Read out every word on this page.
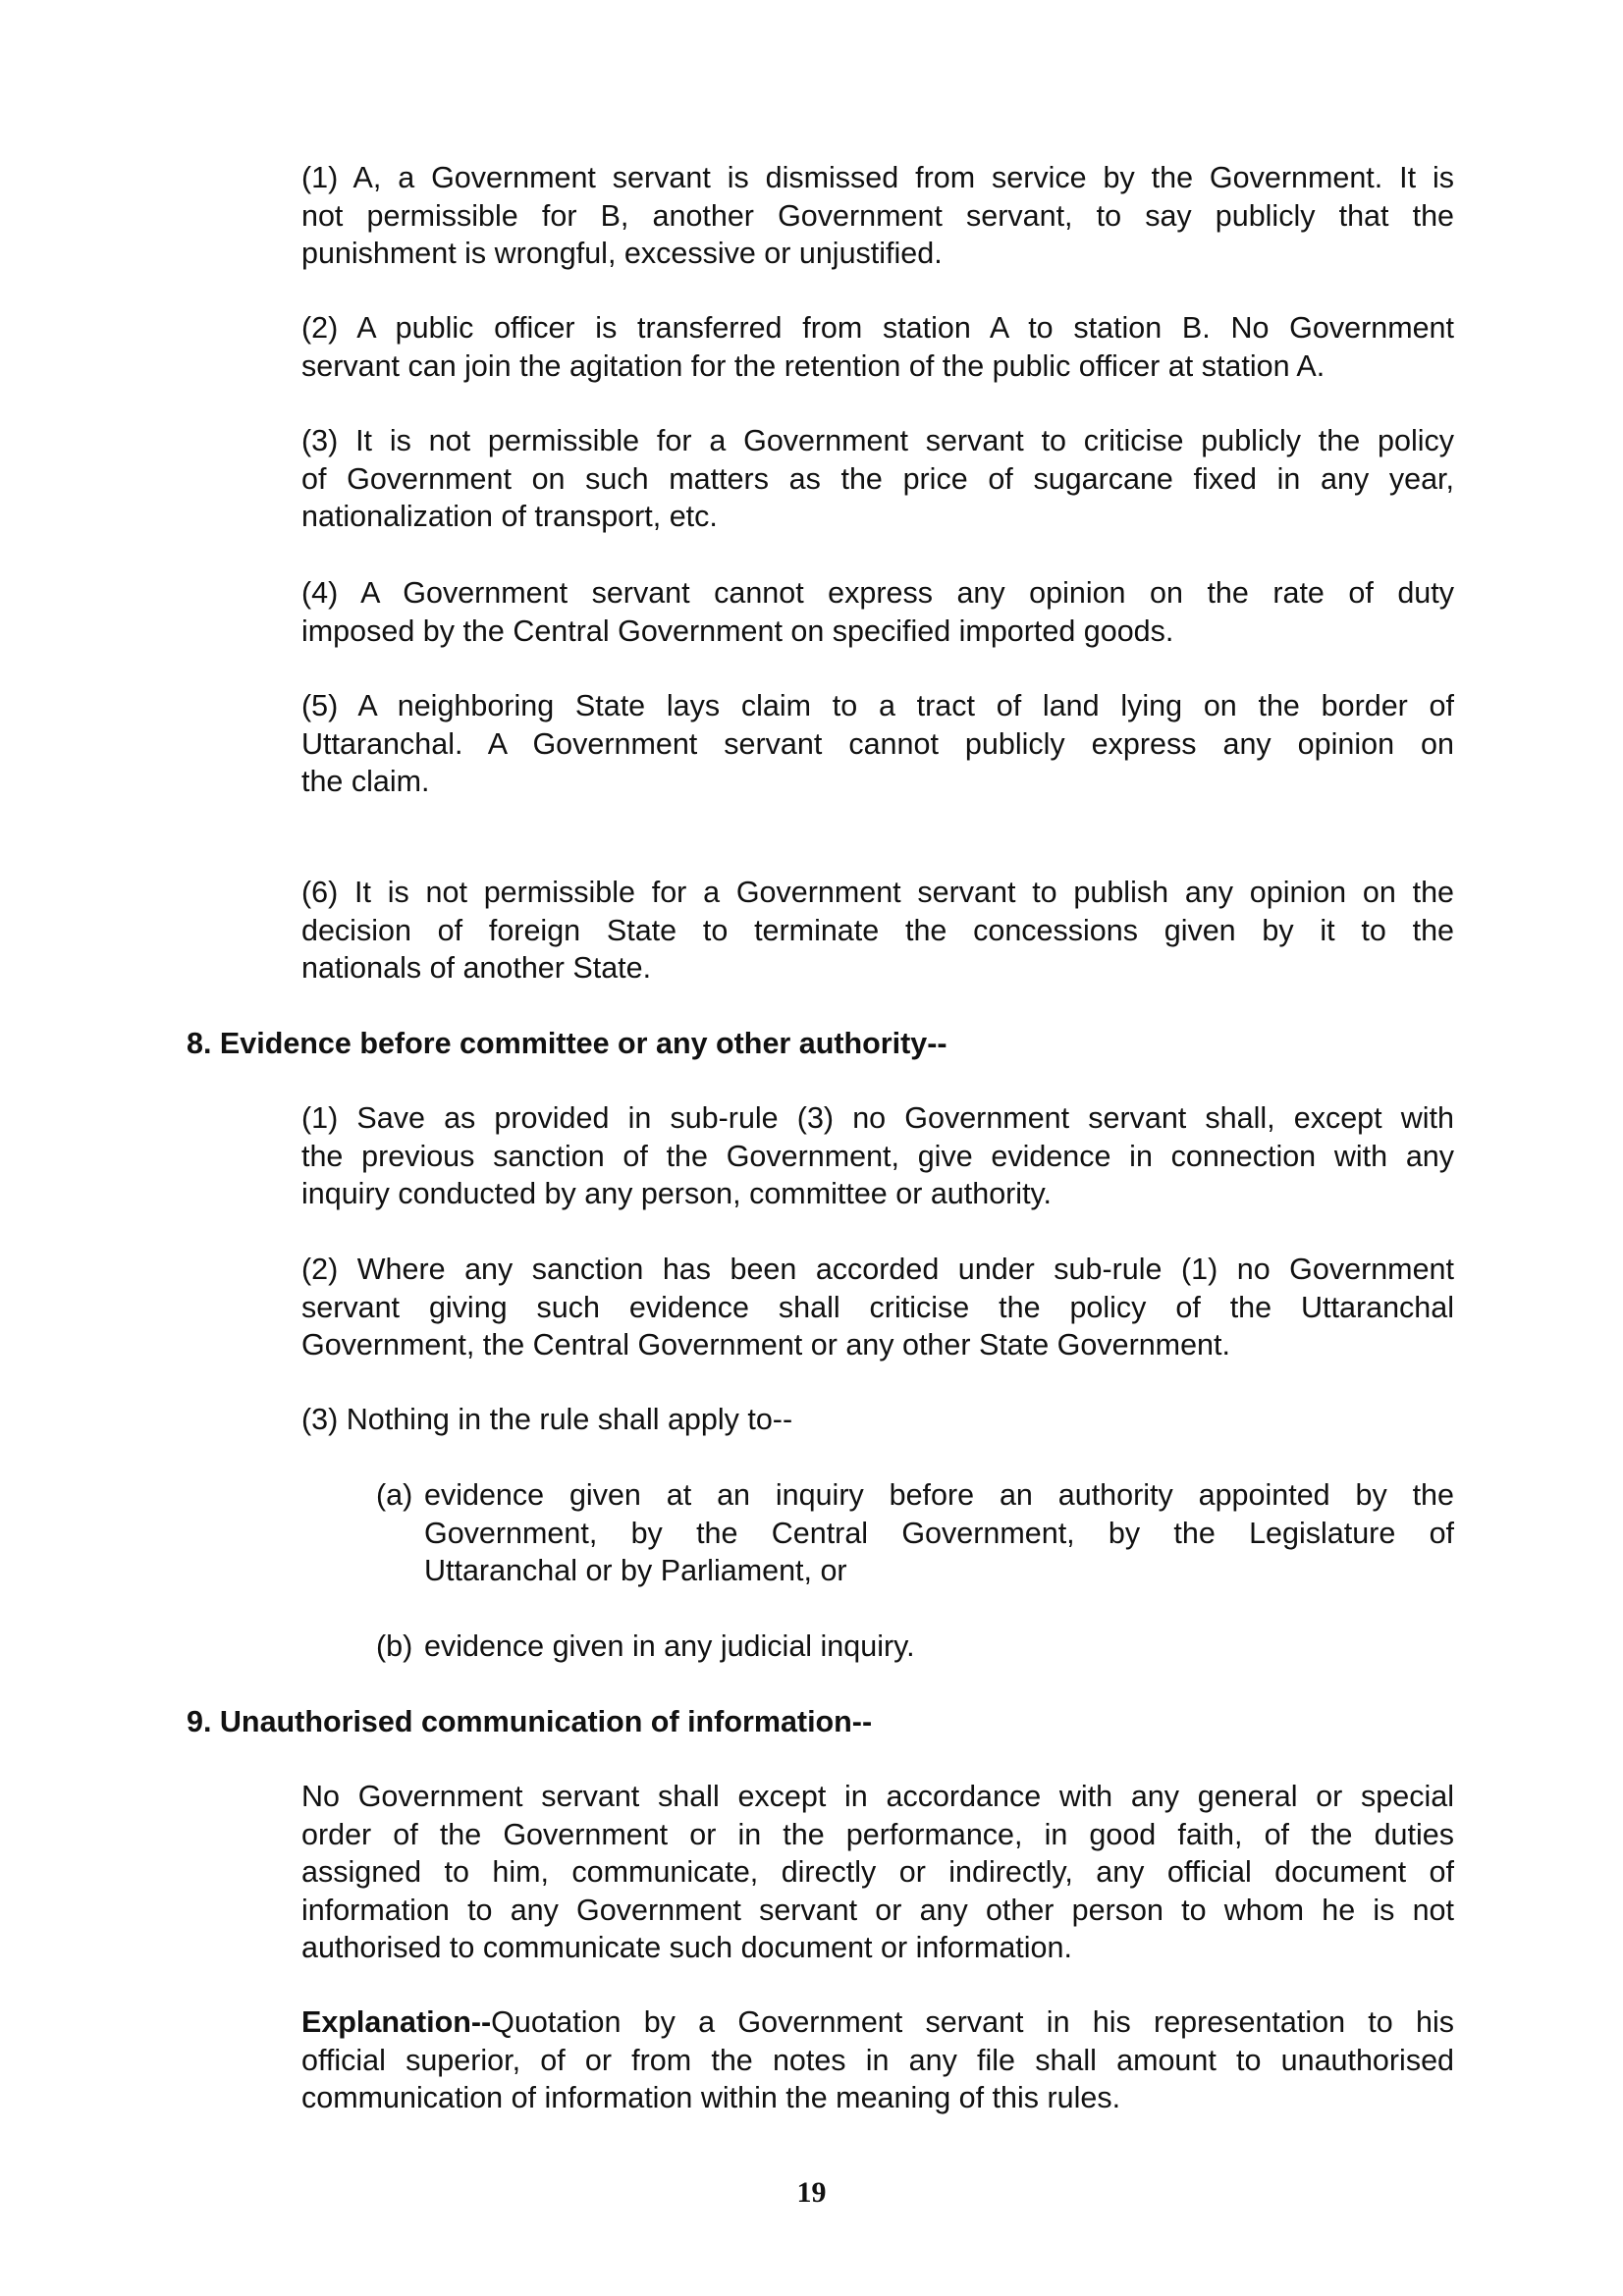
(1) A, a Government servant is dismissed from service by the Government. It is
not permissible for B, another Government servant, to say publicly that the
punishment is wrongful, excessive or unjustified.

(2) A public officer is transferred from station A to station B. No Government
servant can join the agitation for the retention of the public officer at station A.

(3) It is not permissible for a Government servant to criticise publicly the policy
of Government on such matters as the price of sugarcane fixed in any year,
nationalization of transport, etc.

(4) A Government servant cannot express any opinion on the rate of duty
imposed by the Central Government on specified imported goods.

(5) A neighboring State lays claim to a tract of land lying on the border of
Uttaranchal. A Government servant cannot publicly express any opinion on
the claim.

(6) It is not permissible for a Government servant to publish any opinion on the
decision of foreign State to terminate the concessions given by it to the
nationals of another State.

8. Evidence before committee or any other authority--

(1) Save as provided in sub-rule (3) no Government servant shall, except with
the previous sanction of the Government, give evidence in connection with any
inquiry conducted by any person, committee or authority.

(2) Where any sanction has been accorded under sub-rule (1) no Government
servant giving such evidence shall criticise the policy of the Uttaranchal
Government, the Central Government or any other State Government.

(3) Nothing in the rule shall apply to--

(a) evidence given at an inquiry before an authority appointed by the
Government, by the Central Government, by the Legislature of
Uttaranchal or by Parliament, or
(b) evidence given in any judicial inquiry.

9. Unauthorised communication of information--

No Government servant shall except in accordance with any general or special
order of the Government or in the performance, in good faith, of the duties
assigned to him, communicate, directly or indirectly, any official document of
information to any Government servant or any other person to whom he is not
authorised to communicate such document or information.

Explanation--Quotation by a Government servant in his representation to his
official superior, of or from the notes in any file shall amount to unauthorised
communication of information within the meaning of this rules.

19
